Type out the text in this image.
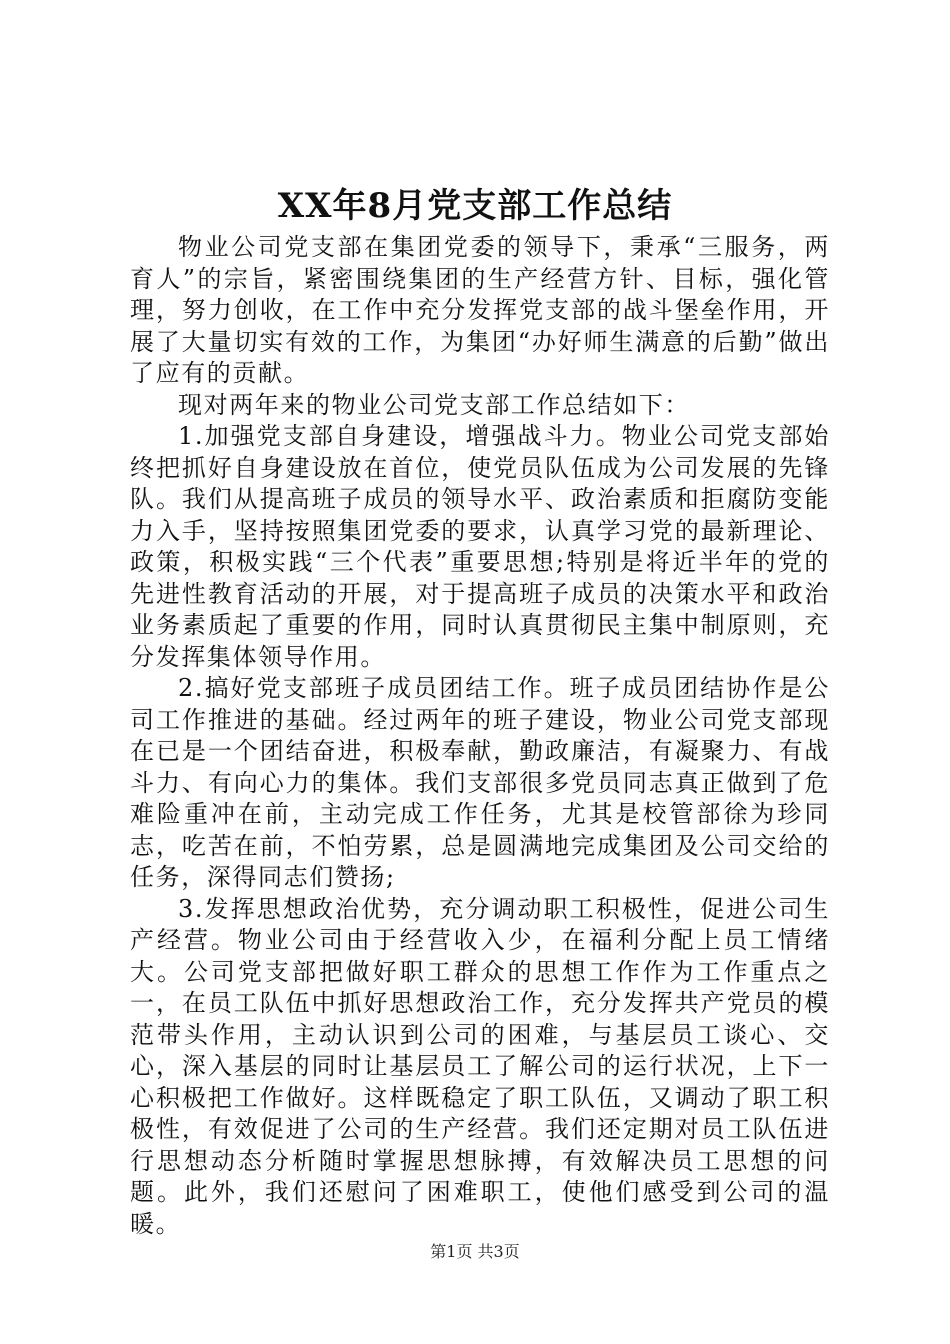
XX年8月党支部工作总结

物业公司党支部在集团党委的领导下，秉承“三服务，两育人”的宗旨，紧密围绕集团的生产经营方针、目标，强化管理，努力创收，在工作中充分发挥党支部的战斗堡垒作用，开展了大量切实有效的工作，为集团“办好师生满意的后勤”做出了应有的贡献。

现对两年来的物业公司党支部工作总结如下：

1.加强党支部自身建设，增强战斗力。物业公司党支部始终把抓好自身建设放在首位，使党员队伍成为公司发展的先锋队。我们从提高班子成员的领导水平、政治素质和拒腐防变能力入手，坚持按照集团党委的要求，认真学习党的最新理论、政策，积极实践“三个代表”重要思想;特别是将近半年的党的先进性教育活动的开展，对于提高班子成员的决策水平和政治业务素质起了重要的作用，同时认真贯彻民主集中制原则，充分发挥集体领导作用。

2.搞好党支部班子成员团结工作。班子成员团结协作是公司工作推进的基础。经过两年的班子建设，物业公司党支部现在已是一个团结奋进，积极奉献，勤政廉洁，有凝聚力、有战斗力、有向心力的集体。我们支部很多党员同志真正做到了危难险重冲在前，主动完成工作任务，尤其是校管部徐为珍同志，吃苦在前，不怕劳累，总是圆满地完成集团及公司交给的任务，深得同志们赞扬;

3.发挥思想政治优势，充分调动职工积极性，促进公司生产经营。物业公司由于经营收入少，在福利分配上员工情绪大。公司党支部把做好职工群众的思想工作作为工作重点之一，在员工队伍中抓好思想政治工作，充分发挥共产党员的模范带头作用，主动认识到公司的困难，与基层员工谈心、交心，深入基层的同时让基层员工了解公司的运行状况，上下一心积极把工作做好。这样既稳定了职工队伍，又调动了职工积极性，有效促进了公司的生产经营。我们还定期对员工队伍进行思想动态分析随时掌握思想脉搏，有效解决员工思想的问题。此外，我们还慰问了困难职工，使他们感受到公司的温暖。

第1页 共3页
